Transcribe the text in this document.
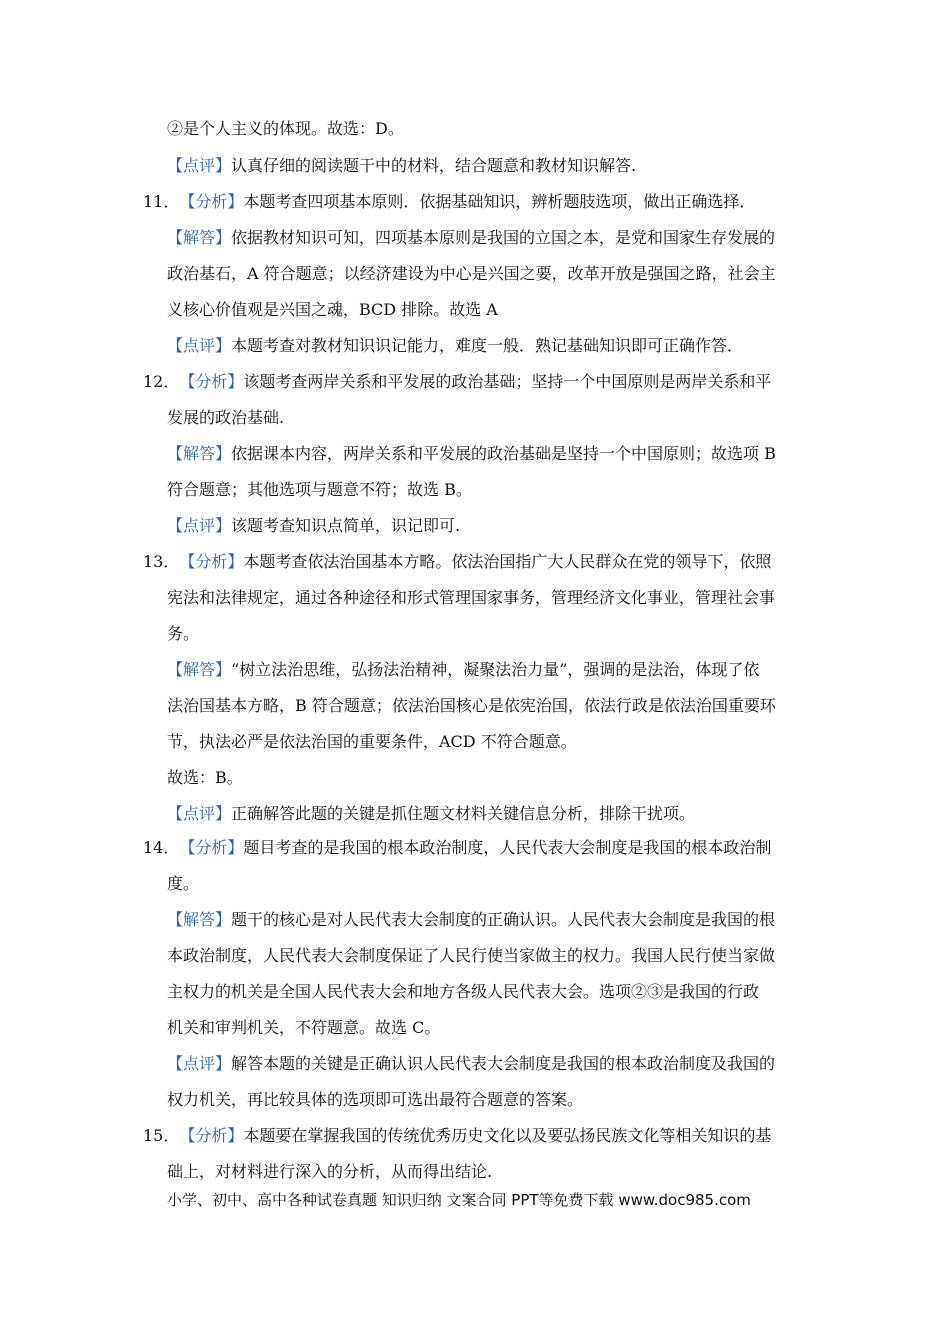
②是个人主义的体现。故选：D。
【点评】认真仔细的阅读题干中的材料，结合题意和教材知识解答.
11．【分析】本题考查四项基本原则．依据基础知识，辨析题肢选项，做出正确选择．
【解答】依据教材知识可知，四项基本原则是我国的立国之本，是党和国家生存发展的
政治基石，A 符合题意；以经济建设为中心是兴国之要，改革开放是强国之路，社会主
义核心价值观是兴国之魂，BCD 排除。故选 A
【点评】本题考查对教材知识识记能力，难度一般．熟记基础知识即可正确作答．
12．【分析】该题考查两岸关系和平发展的政治基础；坚持一个中国原则是两岸关系和平
发展的政治基础.
【解答】依据课本内容，两岸关系和平发展的政治基础是坚持一个中国原则；故选项 B
符合题意；其他选项与题意不符；故选 B。
【点评】该题考查知识点简单，识记即可.
13．【分析】本题考查依法治国基本方略。依法治国指广大人民群众在党的领导下，依照
宪法和法律规定，通过各种途径和形式管理国家事务，管理经济文化事业，管理社会事
务。
【解答】“树立法治思维，弘扬法治精神，凝聚法治力量”，强调的是法治，体现了依
法治国基本方略，B 符合题意；依法治国核心是依宪治国，依法行政是依法治国重要环
节，执法必严是依法治国的重要条件，ACD 不符合题意。
故选：B。
【点评】正确解答此题的关键是抓住题文材料关键信息分析，排除干扰项。
14．【分析】题目考查的是我国的根本政治制度，人民代表大会制度是我国的根本政治制
度。
【解答】题干的核心是对人民代表大会制度的正确认识。人民代表大会制度是我国的根
本政治制度，人民代表大会制度保证了人民行使当家做主的权力。我国人民行使当家做
主权力的机关是全国人民代表大会和地方各级人民代表大会。选项②③是我国的行政
机关和审判机关，不符题意。故选 C。
【点评】解答本题的关键是正确认识人民代表大会制度是我国的根本政治制度及我国的
权力机关，再比较具体的选项即可选出最符合题意的答案。
15．【分析】本题要在掌握我国的传统优秀历史文化以及要弘扬民族文化等相关知识的基
础上，对材料进行深入的分析，从而得出结论.
小学、初中、高中各种试卷真题 知识归纳 文案合同 PPT等免费下载 www.doc985.com
